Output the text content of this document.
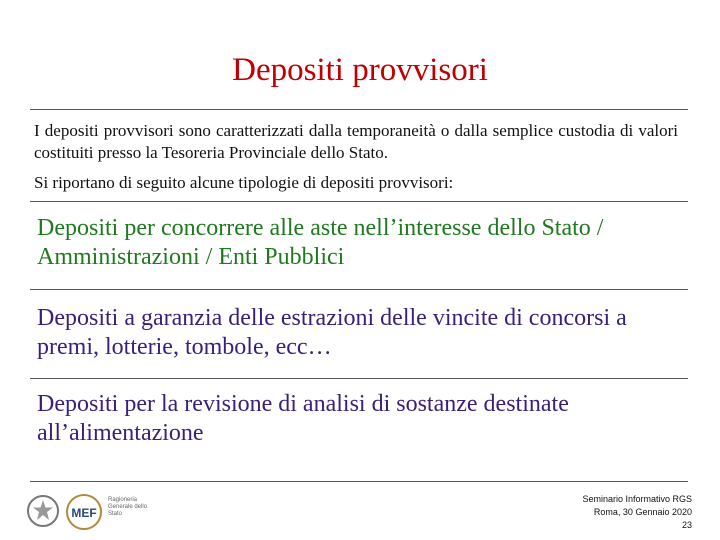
Depositi provvisori
I depositi provvisori sono caratterizzati dalla temporaneità o dalla semplice custodia di valori costituiti presso la Tesoreria Provinciale dello Stato.
Si riportano di seguito alcune tipologie di depositi provvisori:
Depositi per concorrere alle aste nell’interesse dello Stato / Amministrazioni / Enti Pubblici
Depositi a garanzia delle estrazioni delle vincite di concorsi a premi, lotterie, tombole, ecc…
Depositi per la revisione di analisi di sostanze destinate all’alimentazione
MEF
Ragioneria Generale dello Stato
Seminario Informativo RGS
Roma, 30 Gennaio 2020
23
